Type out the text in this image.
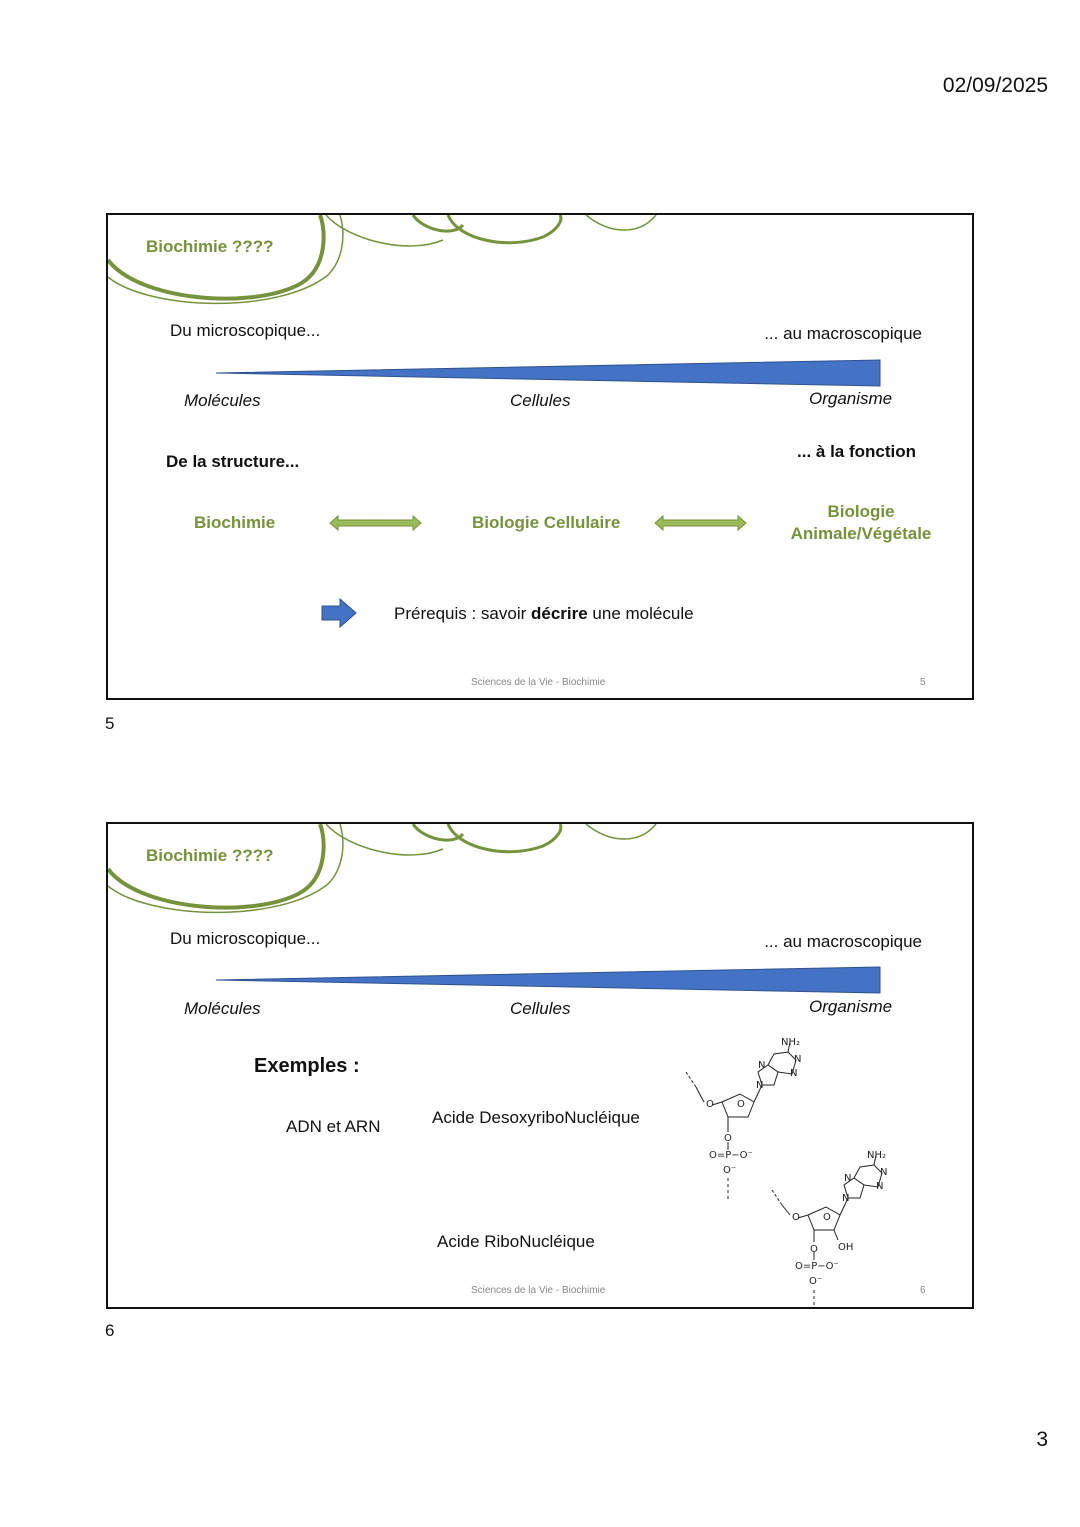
02/09/2025
Biochimie ????
Du microscopique...	... au macroscopique
Molécules	Cellules	Organisme
De la structure...
... à la fonction
Biochimie	Biologie Cellulaire
Biologie
Animale/Végétale
Prérequis : savoir décrire une molécule
Sciences de la Vie - Biochimie	5
5
Biochimie ????
Du microscopique...	... au macroscopique
Molécules	Cellules	Organisme
Exemples :
ADN et ARN	Acide DesoxyriboNucléique
Acide RiboNucléique
O O
O
O=P−O⁻
O⁻
N
N
N
N
NH₂
O O
OH
O
O=P−O⁻
O⁻
N
N
N
N
NH₂
Sciences de la Vie - Biochimie	6
6
3
